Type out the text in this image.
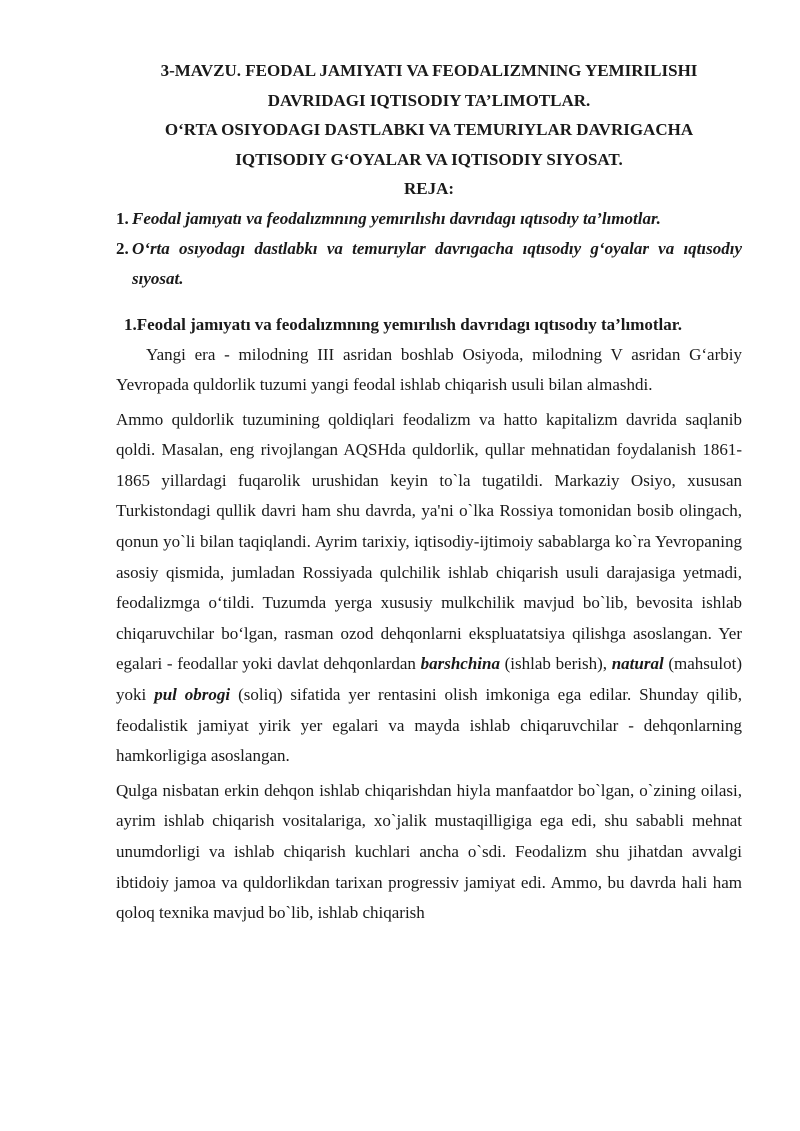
3-MAVZU. FEODAL JAMIYATI VA FEODALIZMNING YEMIRILISHI
DAVRIDAGI IQTISODIY TA’LIMOTLAR.
O‘RTA OSIYODAGI DASTLABKI VA TEMURIYLAR DAVRIGACHA
IQTISODIY G‘OYALAR VA IQTISODIY SIYOSAT.
REJA:
1. Feodal jamıyatı va feodalızmnıng yemırılıshı davrıdagı ıqtısodıy ta’lımotlar.
2. O‘rta osıyodagı dastlabkı va temurıylar davrıgacha ıqtısodıy g‘oyalar va ıqtısodıy sıyosat.
1.Feodal jamıyatı va feodalızmnıng yemırılısh davrıdagı ıqtısodıy ta’lımotlar.

Yangi era - milodning III asridan boshlab Osiyoda, milodning V asridan G‘arbiy Yevropada quldorlik tuzumi yangi feodal ishlab chiqarish usuli bilan almashdi.

Ammo quldorlik tuzumining qoldiqlari feodalizm va hatto kapitalizm davrida saqlanib qoldi. Masalan, eng rivojlangan AQSHda quldorlik, qullar mehnatidan foydalanish 1861-1865 yillardagi fuqarolik urushidan keyin to`la tugatildi. Markaziy Osiyo, xususan Turkistondagi qullik davri ham shu davrda, ya'ni o`lka Rossiya tomonidan bosib olingach, qonun yo`li bilan taqiqlandi. Ayrim tarixiy, iqtisodiy-ijtimoiy sabablarga ko`ra Yevropaning asosiy qismida, jumladan Rossiyada qulchilik ishlab chiqarish usuli darajasiga yetmadi, feodalizmga o‘tildi. Tuzumda yerga xususiy mulkchilik mavjud bo`lib, bevosita ishlab chiqaruvchilar bo‘lgan, rasman ozod dehqonlarni ekspluatatsiya qilishga asoslangan. Yer egalari - feodallar yoki davlat dehqonlardan barshchina (ishlab berish), natural (mahsulot) yoki pul obrogi (soliq) sifatida yer rentasini olish imkoniga ega edilar. Shunday qilib, feodalistik jamiyat yirik yer egalari va mayda ishlab chiqaruvchilar - dehqonlarning hamkorligiga asoslangan.

Qulga nisbatan erkin dehqon ishlab chiqarishdan hiyla manfaatdor bo`lgan, o`zining oilasi, ayrim ishlab chiqarish vositalariga, xo`jalik mustaqilligiga ega edi, shu sababli mehnat unumdorligi va ishlab chiqarish kuchlari ancha o`sdi. Feodalizm shu jihatdan avvalgi ibtidoiy jamoa va quldorlikdan tarixan progressiv jamiyat edi. Ammo, bu davrda hali ham qoloq texnika mavjud bo`lib, ishlab chiqarish
